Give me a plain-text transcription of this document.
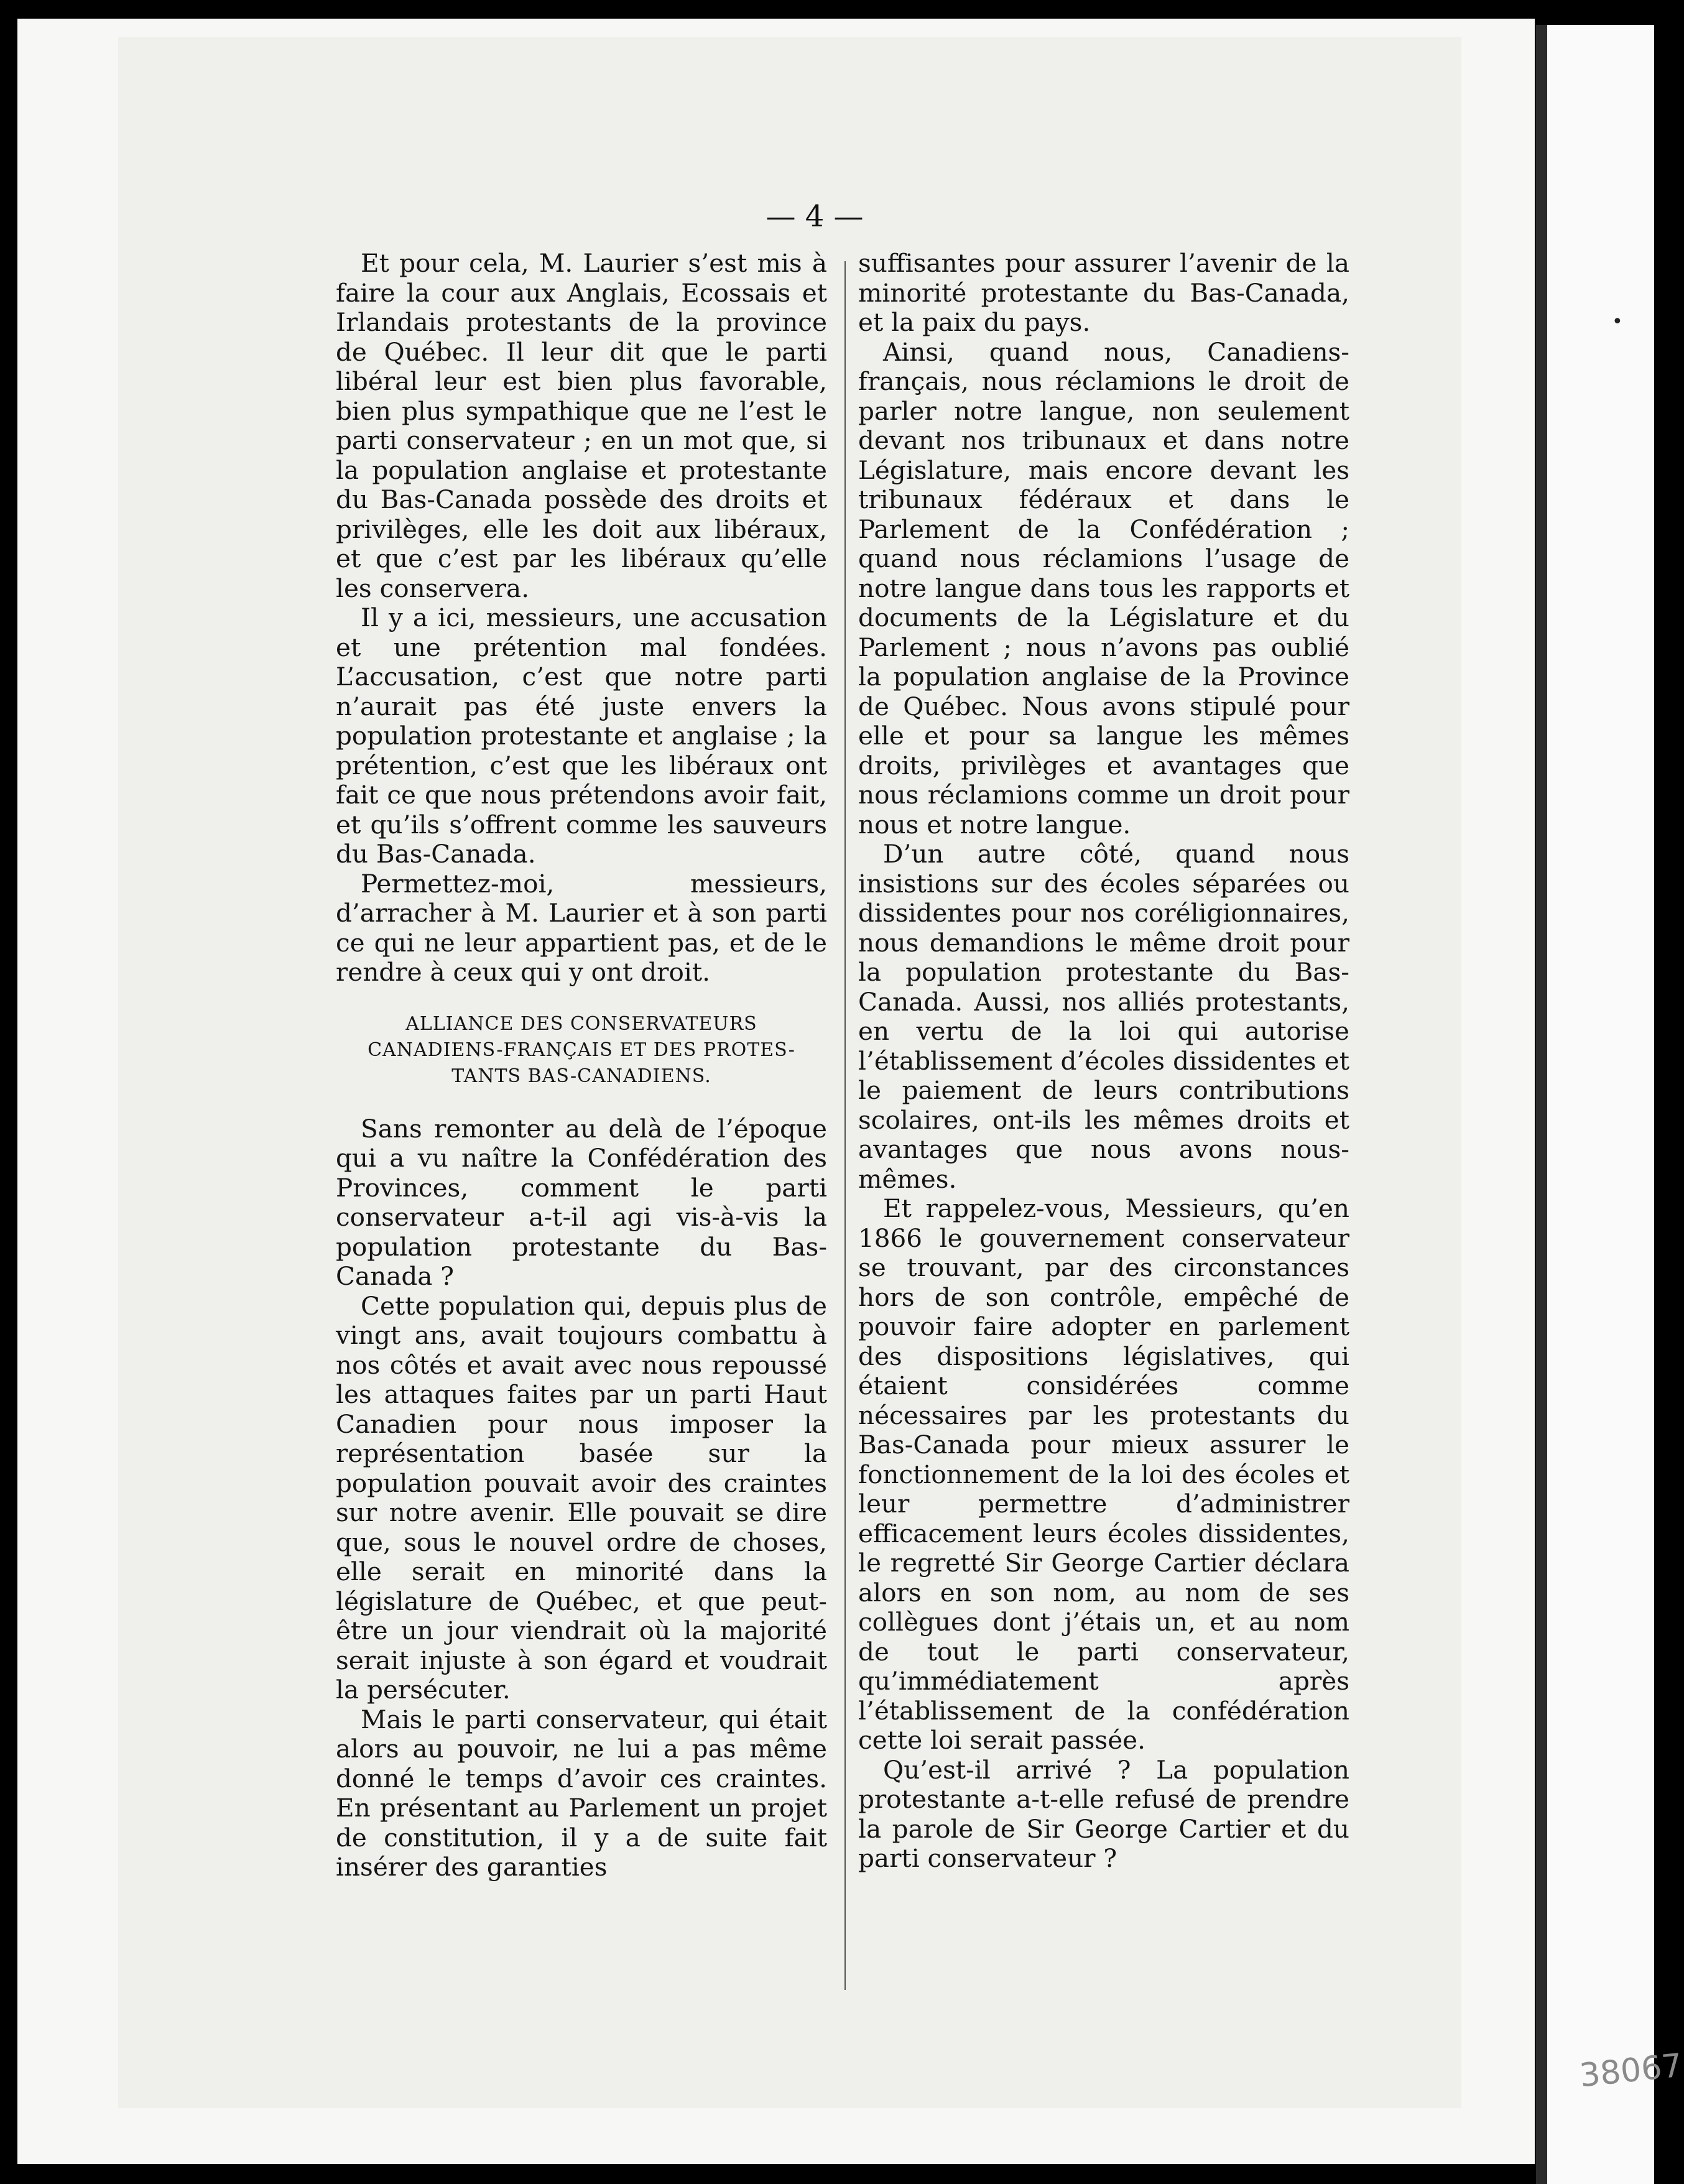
— 4 —

Et pour cela, M. Laurier s’est mis à faire la cour aux Anglais, Ecossais et Irlandais protestants de la province de Québec. Il leur dit que le parti libéral leur est bien plus favorable, bien plus sympathique que ne l’est le parti conservateur ; en un mot que, si la population anglaise et protestante du Bas-Canada possède des droits et privilèges, elle les doit aux libéraux, et que c’est par les libéraux qu’elle les conservera.

Il y a ici, messieurs, une accusation et une prétention mal fondées. L’accusation, c’est que notre parti n’aurait pas été juste envers la population protestante et anglaise ; la prétention, c’est que les libéraux ont fait ce que nous prétendons avoir fait, et qu’ils s’offrent comme les sauveurs du Bas-Canada.

Permettez-moi, messieurs, d’arracher à M. Laurier et à son parti ce qui ne leur appartient pas, et de le rendre à ceux qui y ont droit.

ALLIANCE DES CONSERVATEURS CANADIENS-FRANÇAIS ET DES PROTES-
TANTS BAS-CANADIENS.

Sans remonter au delà de l’époque qui a vu naître la Confédération des Provinces, comment le parti conservateur a-t-il agi vis-à-vis la population protestante du Bas-Canada ?

Cette population qui, depuis plus de vingt ans, avait toujours combattu à nos côtés et avait avec nous repoussé les attaques faites par un parti Haut Canadien pour nous imposer la représentation basée sur la population pouvait avoir des craintes sur notre avenir. Elle pouvait se dire que, sous le nouvel ordre de choses, elle serait en minorité dans la législature de Québec, et que peut-être un jour viendrait où la majorité serait injuste à son égard et voudrait la persécuter.

Mais le parti conservateur, qui était alors au pouvoir, ne lui a pas même donné le temps d’avoir ces craintes. En présentant au Parlement un projet de constitution, il y a de suite fait insérer des garanties

suffisantes pour assurer l’avenir de la minorité protestante du Bas-Canada, et la paix du pays.

Ainsi, quand nous, Canadiens-français, nous réclamions le droit de parler notre langue, non seulement devant nos tribunaux et dans notre Législature, mais encore devant les tribunaux fédéraux et dans le Parlement de la Confédération ; quand nous réclamions l’usage de notre langue dans tous les rapports et documents de la Législature et du Parlement ; nous n’avons pas oublié la population anglaise de la Province de Québec. Nous avons stipulé pour elle et pour sa langue les mêmes droits, privilèges et avantages que nous réclamions comme un droit pour nous et notre langue.

D’un autre côté, quand nous insistions sur des écoles séparées ou dissidentes pour nos coréligionnaires, nous demandions le même droit pour la population protestante du Bas-Canada. Aussi, nos alliés protestants, en vertu de la loi qui autorise l’établissement d’écoles dissidentes et le paiement de leurs contributions scolaires, ont-ils les mêmes droits et avantages que nous avons nous-mêmes.

Et rappelez-vous, Messieurs, qu’en 1866 le gouvernement conservateur se trouvant, par des circonstances hors de son contrôle, empêché de pouvoir faire adopter en parlement des dispositions législatives, qui étaient considérées comme nécessaires par les protestants du Bas-Canada pour mieux assurer le fonctionnement de la loi des écoles et leur permettre d’administrer efficacement leurs écoles dissidentes, le regretté Sir George Cartier déclara alors en son nom, au nom de ses collègues dont j’étais un, et au nom de tout le parti conservateur, qu’immédiatement après l’établissement de la confédération cette loi serait passée.

Qu’est-il arrivé ? La population protestante a-t-elle refusé de prendre la parole de Sir George Cartier et du parti conservateur ?

38067
•
